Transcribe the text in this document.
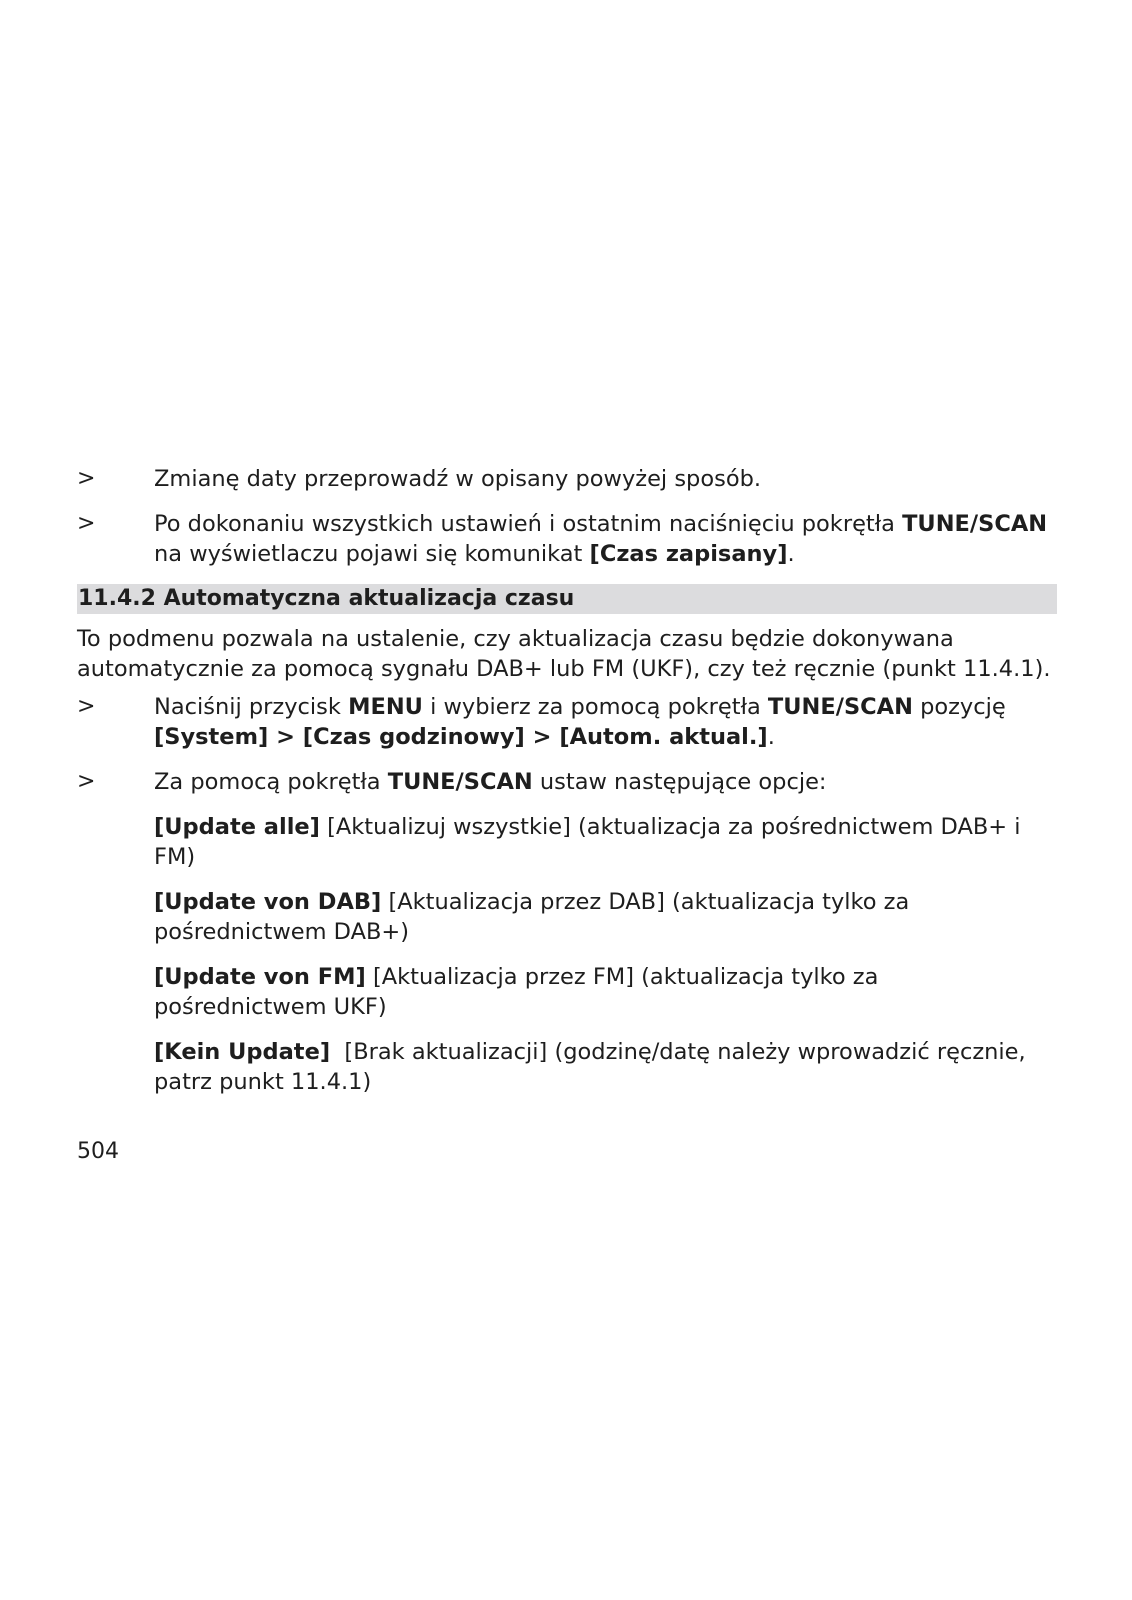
>	Zmianę daty przeprowadź w opisany powyżej sposób.
>	Po dokonaniu wszystkich ustawień i ostatnim naciśnięciu pokrętła TUNE/SCAN na wyświetlaczu pojawi się komunikat [Czas zapisany].
11.4.2 Automatyczna aktualizacja czasu
To podmenu pozwala na ustalenie, czy aktualizacja czasu będzie dokonywana automatycznie za pomocą sygnału DAB+ lub FM (UKF), czy też ręcznie (punkt 11.4.1).
>	Naciśnij przycisk MENU i wybierz za pomocą pokrętła TUNE/SCAN pozycję [System] > [Czas godzinowy] > [Autom. aktual.].
>	Za pomocą pokrętła TUNE/SCAN ustaw następujące opcje:
[Update alle] [Aktualizuj wszystkie] (aktualizacja za pośrednictwem DAB+ i FM)
[Update von DAB] [Aktualizacja przez DAB] (aktualizacja tylko za pośrednictwem DAB+)
[Update von FM] [Aktualizacja przez FM] (aktualizacja tylko za pośrednictwem UKF)
[Kein Update]  [Brak aktualizacji] (godzinę/datę należy wprowadzić ręcznie, patrz punkt 11.4.1)
504
